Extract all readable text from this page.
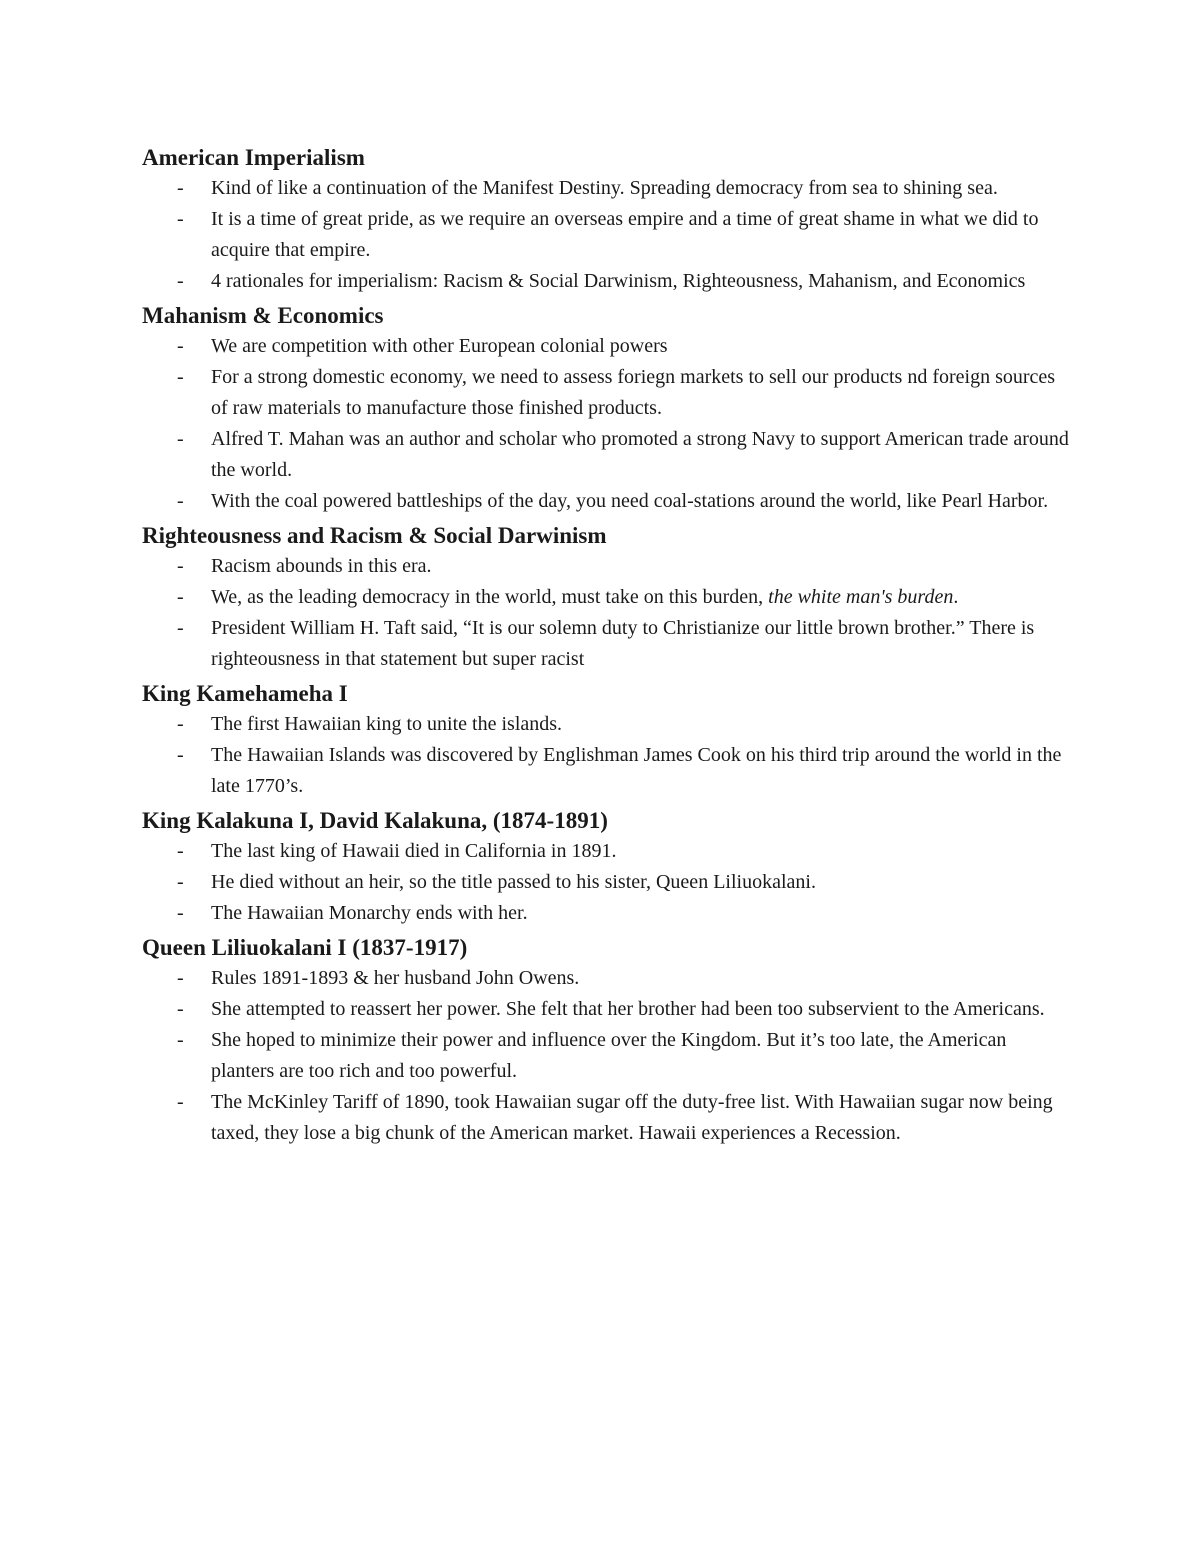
American Imperialism
- Kind of like a continuation of the Manifest Destiny. Spreading democracy from sea to shining sea.
- It is a time of great pride, as we require an overseas empire and a time of great shame in what we did to acquire that empire.
- 4 rationales for imperialism: Racism & Social Darwinism, Righteousness, Mahanism, and Economics
Mahanism & Economics
- We are competition with other European colonial powers
- For a strong domestic economy, we need to assess foriegn markets to sell our products nd foreign sources of raw materials to manufacture those finished products.
- Alfred T. Mahan was an author and scholar who promoted a strong Navy to support American trade around the world.
- With the coal powered battleships of the day, you need coal-stations around the world, like Pearl Harbor.
Righteousness and Racism & Social Darwinism
- Racism abounds in this era.
- We, as the leading democracy in the world, must take on this burden, the white man's burden.
- President William H. Taft said, “It is our solemn duty to Christianize our little brown brother.” There is righteousness in that statement but super racist
King Kamehameha I
- The first Hawaiian king to unite the islands.
- The Hawaiian Islands was discovered by Englishman James Cook on his third trip around the world in the late 1770’s.
King Kalakuna I, David Kalakuna, (1874-1891)
- The last king of Hawaii died in California in 1891.
- He died without an heir, so the title passed to his sister, Queen Liliuokalani.
- The Hawaiian Monarchy ends with her.
Queen Liliuokalani I (1837-1917)
- Rules 1891-1893 & her husband John Owens.
- She attempted to reassert her power. She felt that her brother had been too subservient to the Americans.
- She hoped to minimize their power and influence over the Kingdom. But it’s too late, the American planters are too rich and too powerful.
- The McKinley Tariff of 1890, took Hawaiian sugar off the duty-free list. With Hawaiian sugar now being taxed, they lose a big chunk of the American market. Hawaii experiences a Recession.
